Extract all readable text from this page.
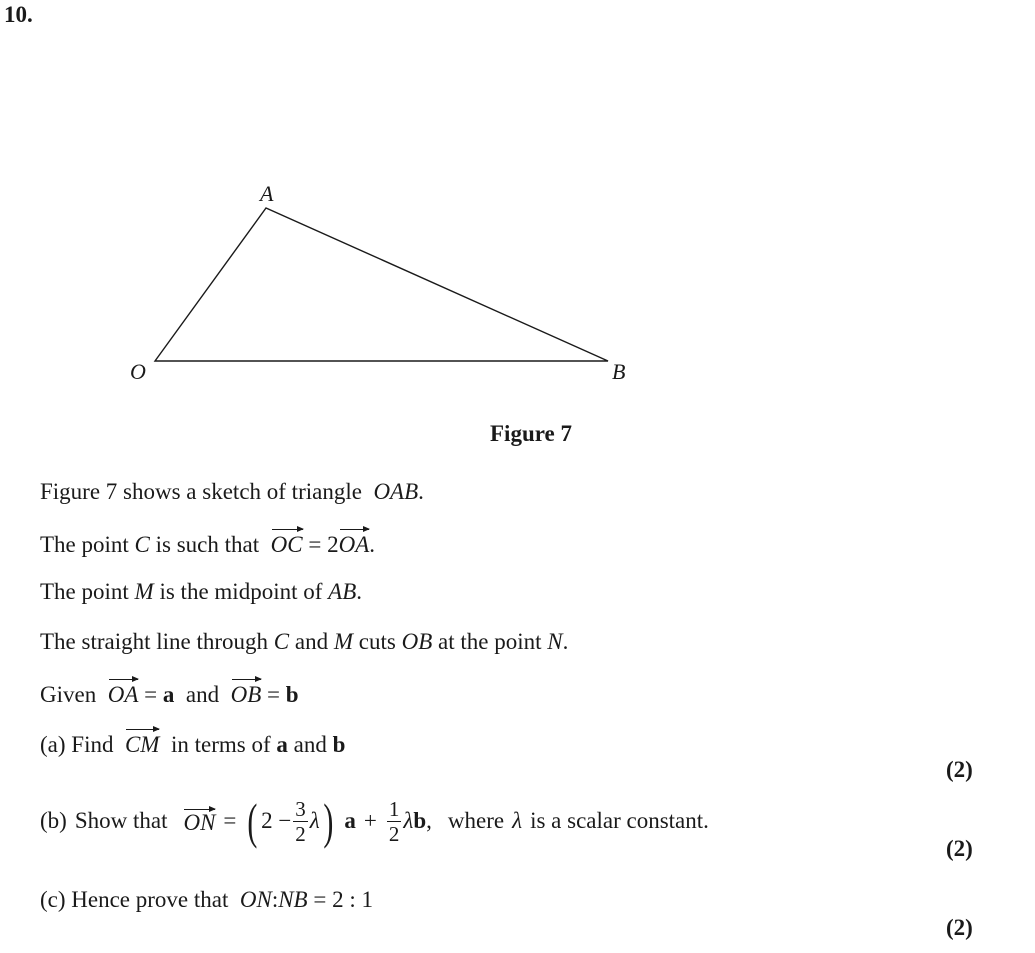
10.
A
O	B
Figure 7
Figure 7 shows a sketch of triangle OAB.
The point C is such that OC = 2OA.
The point M is the midpoint of AB.
The straight line through C and M cuts OB at the point N.
Given OA = a and OB = b
(a) Find CM in terms of a and b
(2)
(b) Show that ON = ( $2 - \frac{3}{2}$ λ ) $a + \frac{1}{2}$ λ b , where λ is a scalar constant.
(2)
(c) Hence prove that ON:NB = 2 : 1
(2)
